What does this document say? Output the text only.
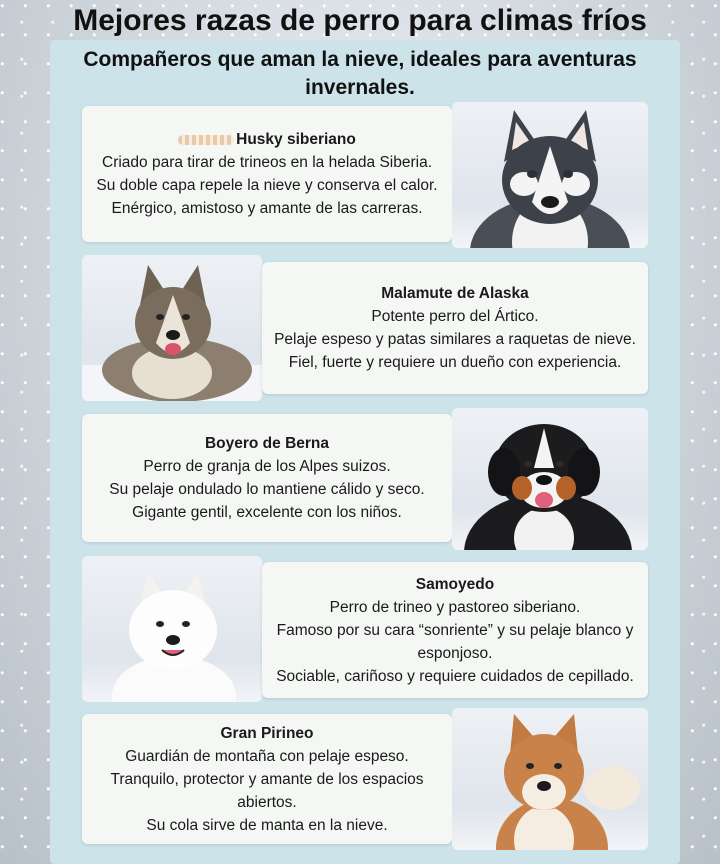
Mejores razas de perro para climas fríos
Compañeros que aman la nieve, ideales para aventuras invernales.
Husky siberiano

Criado para tirar de trineos en la helada Siberia.

Su doble capa repele la nieve y conserva el calor.

Enérgico, amistoso y amante de las carreras.

Malamute de Alaska

Potente perro del Ártico.

Pelaje espeso y patas similares a raquetas de nieve.

Fiel, fuerte y requiere un dueño con experiencia.

Boyero de Berna

Perro de granja de los Alpes suizos.

Su pelaje ondulado lo mantiene cálido y seco.

Gigante gentil, excelente con los niños.

Samoyedo

Perro de trineo y pastoreo siberiano.

Famoso por su cara “sonriente” y su pelaje blanco y esponjoso.

Sociable, cariñoso y requiere cuidados de cepillado.

Gran Pirineo

Guardián de montaña con pelaje espeso.

Tranquilo, protector y amante de los espacios abiertos.

Su cola sirve de manta en la nieve.
